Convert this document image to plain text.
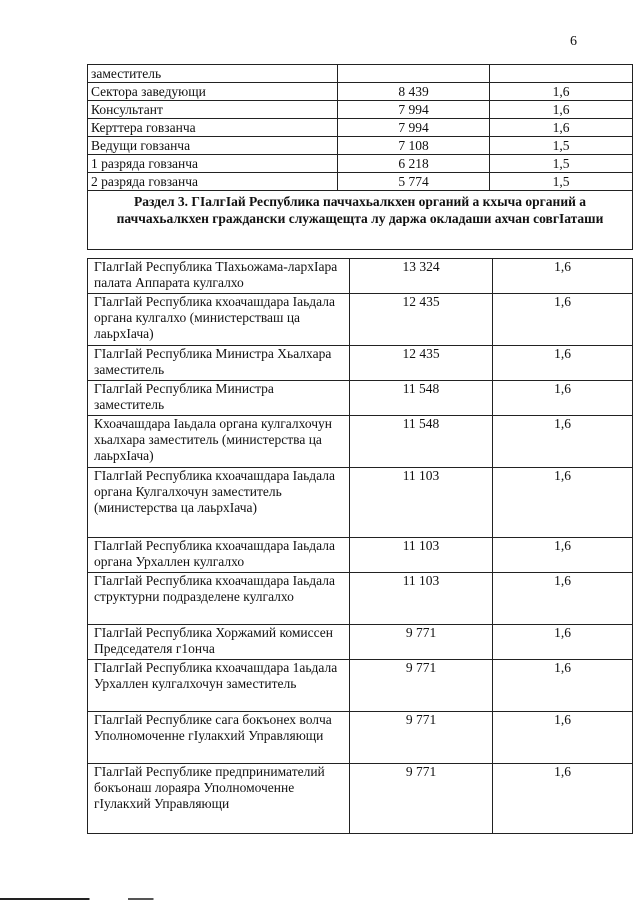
6
заместитель		
Сектора заведующи	8 439	1,6
Консультант	7 994	1,6
Керттера говзанча	7 994	1,6
Ведущи говзанча	7 108	1,5
1 разряда говзанча	6 218	1,5
2 разряда говзанча	5 774	1,5
Раздел 3. ГIалгIай Республика паччахьалкхен органий а кхыча органий а паччахьалкхен граждански служащещта лу даржа окладаши ахчан совгIаташи		
ГIалгIай Республика ТIахьожама-лархIара палата Аппарата кулгалхо	13 324	1,6
ГIалгIай Республика кхоачашдара Iаьдала органа кулгалхо (министерстваш ца лаьрхIача)	12 435	1,6
ГIалгIай Республика Министра Хьалхара заместитель	12 435	1,6
ГIалгIай Республика Министра заместитель	11 548	1,6
Кхоачашдара Iаьдала органа кулгалхочун хьалхара заместитель (министерства ца лаьрхIача)	11 548	1,6
ГIалгIай Республика кхоачашдара Iаьдала органа Кулгалхочун заместитель (министерства ца лаьрхIача)	11 103	1,6
ГIалгIай Республика кхоачашдара Iаьдала органа Урхаллен кулгалхо	11 103	1,6
ГIалгIай Республика кхоачашдара Iаьдала структурни подразделене кулгалхо	11 103	1,6
ГIалгIай Республика Хоржамий комиссен Председателя г1онча	9 771	1,6
ГIалгIай Республика кхоачашдара 1аьдала Урхаллен кулгалхочун заместитель	9 771	1,6
ГIалгIай Республике сага бокъонех волча Уполномоченне гIулакхий Управляющи	9 771	1,6
ГIалгIай Республике предпринимателий бокъонаш лораяра Уполномоченне гIулакхий Управляющи	9 771	1,6
